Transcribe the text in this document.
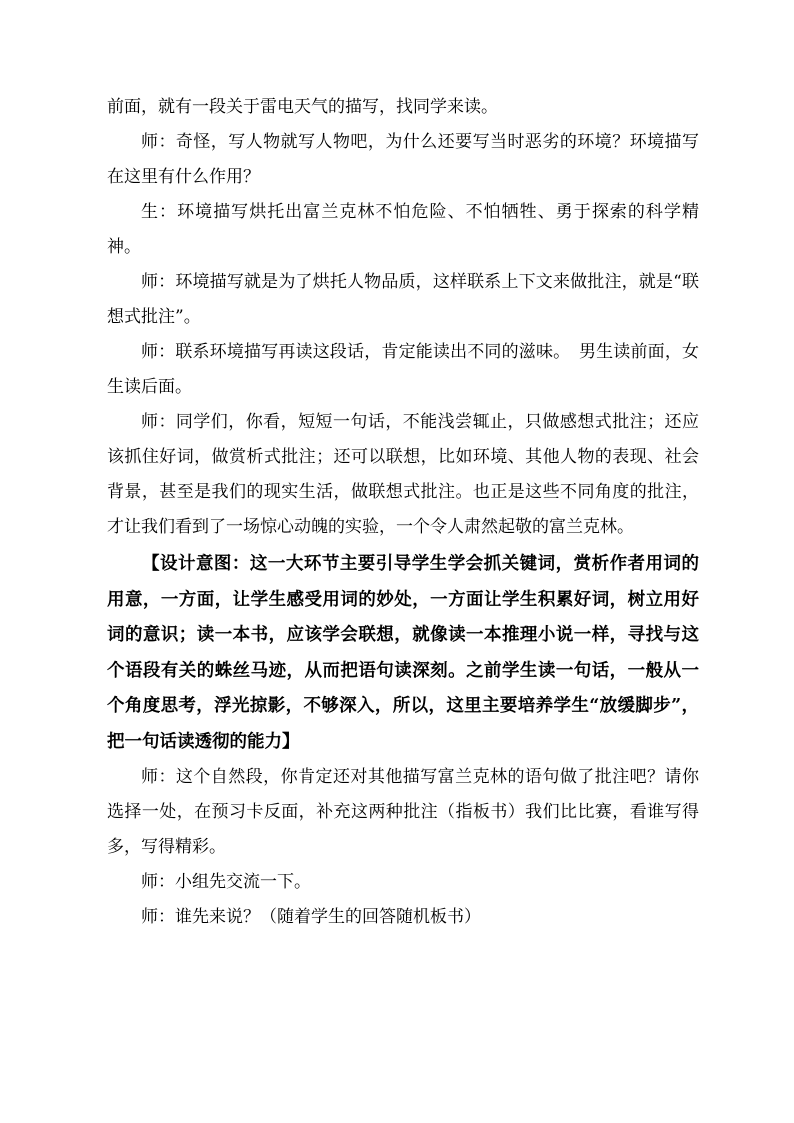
前面，就有一段关于雷电天气的描写，找同学来读。

师：奇怪，写人物就写人物吧，为什么还要写当时恶劣的环境？环境描写在这里有什么作用？

生：环境描写烘托出富兰克林不怕危险、不怕牺牲、勇于探索的科学精神。

师：环境描写就是为了烘托人物品质，这样联系上下文来做批注，就是“联想式批注”。

师：联系环境描写再读这段话，肯定能读出不同的滋味。　男生读前面，女生读后面。

师：同学们，你看，短短一句话，不能浅尝辄止，只做感想式批注；还应该抓住好词，做赏析式批注；还可以联想，比如环境、其他人物的表现、社会背景，甚至是我们的现实生活，做联想式批注。也正是这些不同角度的批注，才让我们看到了一场惊心动魄的实验，一个令人肃然起敬的富兰克林。

【设计意图：这一大环节主要引导学生学会抓关键词，赏析作者用词的用意，一方面，让学生感受用词的妙处，一方面让学生积累好词，树立用好词的意识；读一本书，应该学会联想，就像读一本推理小说一样，寻找与这个语段有关的蛛丝马迹，从而把语句读深刻。之前学生读一句话，一般从一个角度思考，浮光掠影，不够深入，所以，这里主要培养学生“放缓脚步”，把一句话读透彻的能力】

师：这个自然段，你肯定还对其他描写富兰克林的语句做了批注吧？请你选择一处，在预习卡反面，补充这两种批注（指板书）我们比比赛，看谁写得多，写得精彩。

师：小组先交流一下。

师：谁先来说？（随着学生的回答随机板书）
